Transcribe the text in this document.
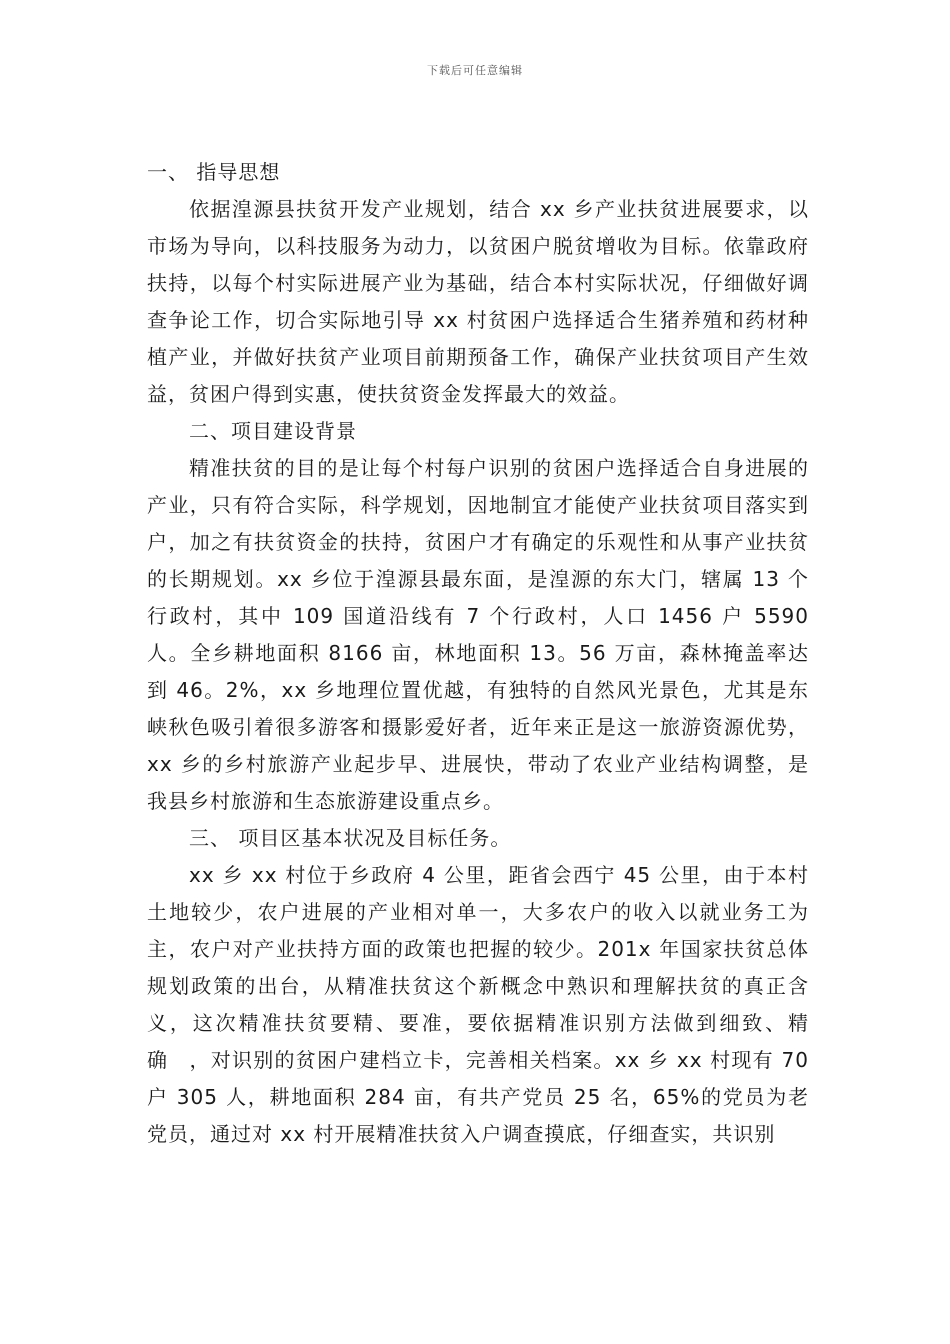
下载后可任意编辑

一、 指导思想

依据湟源县扶贫开发产业规划，结合 xx 乡产业扶贫进展要求，以市场为导向，以科技服务为动力，以贫困户脱贫增收为目标。依靠政府扶持，以每个村实际进展产业为基础，结合本村实际状况，仔细做好调查争论工作，切合实际地引导 xx 村贫困户选择适合生猪养殖和药材种植产业，并做好扶贫产业项目前期预备工作，确保产业扶贫项目产生效益，贫困户得到实惠，使扶贫资金发挥最大的效益。

二、项目建设背景

精准扶贫的目的是让每个村每户识别的贫困户选择适合自身进展的产业，只有符合实际，科学规划，因地制宜才能使产业扶贫项目落实到户，加之有扶贫资金的扶持，贫困户才有确定的乐观性和从事产业扶贫的长期规划。xx 乡位于湟源县最东面，是湟源的东大门，辖属 13 个行政村，其中 109 国道沿线有 7 个行政村，人口 1456 户 5590 人。全乡耕地面积 8166 亩，林地面积 13。56 万亩，森林掩盖率达到 46。2%，xx 乡地理位置优越，有独特的自然风光景色，尤其是东峡秋色吸引着很多游客和摄影爱好者，近年来正是这一旅游资源优势，xx 乡的乡村旅游产业起步早、进展快，带动了农业产业结构调整，是我县乡村旅游和生态旅游建设重点乡。

三、 项目区基本状况及目标任务。

xx 乡 xx 村位于乡政府 4 公里，距省会西宁 45 公里，由于本村土地较少，农户进展的产业相对单一，大多农户的收入以就业务工为主，农户对产业扶持方面的政策也把握的较少。201x 年国家扶贫总体规划政策的出台，从精准扶贫这个新概念中熟识和理解扶贫的真正含义，这次精准扶贫要精、要准，要依据精准识别方法做到细致、精确　，对识别的贫困户建档立卡，完善相关档案。xx 乡 xx 村现有 70 户 305 人，耕地面积 284 亩，有共产党员 25 名，65%的党员为老党员，通过对 xx 村开展精准扶贫入户调查摸底，仔细查实，共识别
